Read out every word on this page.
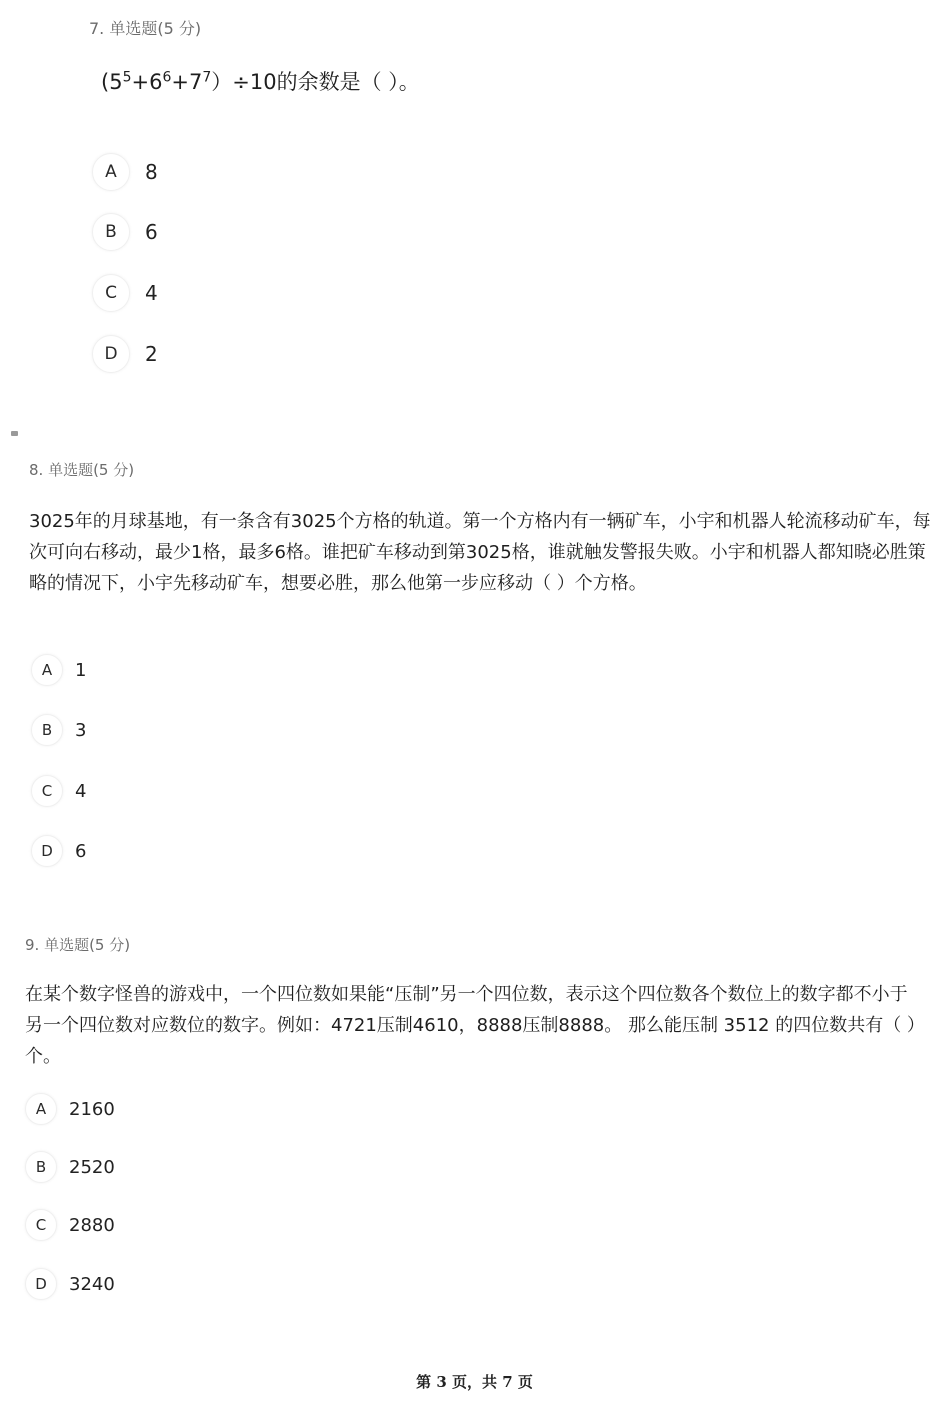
7. 单选题(5 分)
$(5^5+6^6+7^7)\div 10$的余数是（ ）。
A	8
B	6
C	4
D	2
8. 单选题(5 分)
3025年的月球基地，有一条含有3025个方格的轨道。第一个方格内有一辆矿车，小宇和机器人轮流移动矿车，每次可向右移动，最少1格，最多6格。谁把矿车移动到第3025格，谁就触发警报失败。小宇和机器人都知晓必胜策略的情况下，小宇先移动矿车，想要必胜，那么他第一步应移动（ ）个方格。
A	1
B	3
C	4
D	6
9. 单选题(5 分)
在某个数字怪兽的游戏中，一个四位数如果能“压制”另一个四位数，表示这个四位数各个数位上的数字都不小于另一个四位数对应数位的数字。例如：4721压制4610，8888压制8888。 那么能压制 3512 的四位数共有（ ）个。
A	2160
B	2520
C	2880
D	3240
第 3 页，共 7 页
